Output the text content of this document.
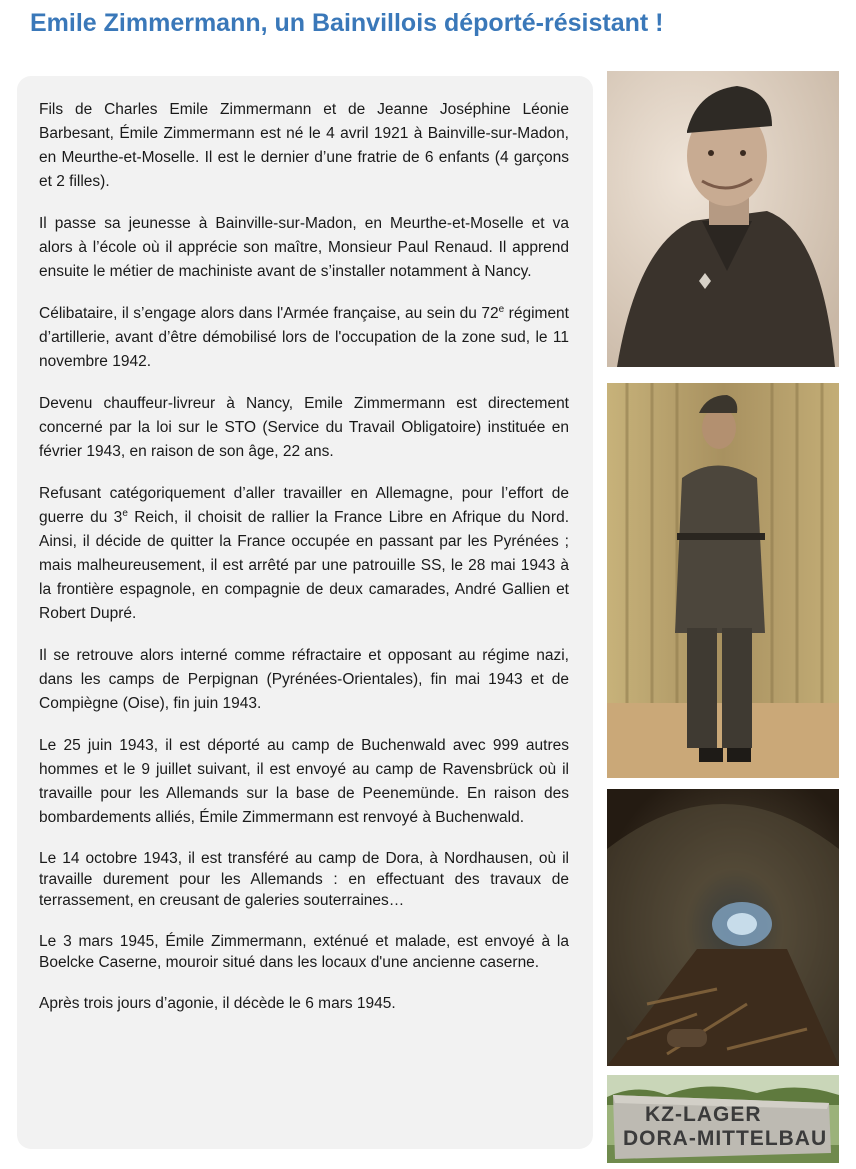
Emile Zimmermann, un Bainvillois déporté-résistant !

Fils de Charles Emile Zimmermann et de Jeanne Joséphine Léonie Barbesant, Émile Zimmermann est né le 4 avril 1921 à Bainville-sur-Madon, en Meurthe-et-Moselle. Il est le dernier d’une fratrie de 6 enfants (4 garçons et 2 filles).

Il passe sa jeunesse à Bainville-sur-Madon, en Meurthe-et-Moselle et va alors à l’école où il apprécie son maître, Monsieur Paul Renaud. Il apprend ensuite le métier de machiniste avant de s’installer notamment à Nancy.

Célibataire, il s’engage alors dans l'Armée française, au sein du 72e régiment d’artillerie, avant d’être démobilisé lors de l'occupation de la zone sud, le 11 novembre 1942.

Devenu chauffeur-livreur à Nancy, Emile Zimmermann est directement concerné par la loi sur le STO (Service du Travail Obligatoire) instituée en février 1943, en raison de son âge, 22 ans.

Refusant catégoriquement d’aller travailler en Allemagne, pour l’effort de guerre du 3e Reich, il choisit de rallier la France Libre en Afrique du Nord. Ainsi, il décide de quitter la France occupée en passant par les Pyrénées ; mais malheureusement, il est arrêté par une patrouille SS, le 28 mai 1943 à la frontière espagnole, en compagnie de deux camarades, André Gallien et Robert Dupré.

Il se retrouve alors interné comme réfractaire et opposant au régime nazi, dans les camps de Perpignan (Pyrénées-Orientales), fin mai 1943 et de Compiègne (Oise), fin juin 1943.

Le 25 juin 1943, il est déporté au camp de Buchenwald avec 999 autres hommes et le 9 juillet suivant, il est envoyé au camp de Ravensbrück où il travaille pour les Allemands sur la base de Peenemünde. En raison des bombardements alliés, Émile Zimmermann est renvoyé à Buchenwald.

Le 14 octobre 1943, il est transféré au camp de Dora, à Nordhausen, où il travaille durement pour les Allemands : en effectuant des travaux de terrassement, en creusant de galeries souterraines…

Le 3 mars 1945, Émile Zimmermann, exténué et malade, est envoyé à la Boelcke Caserne, mouroir situé dans les locaux d'une ancienne caserne.

Après trois jours d’agonie, il décède le 6 mars 1945.

KZ-LAGER
DORA-MITTELBAU
